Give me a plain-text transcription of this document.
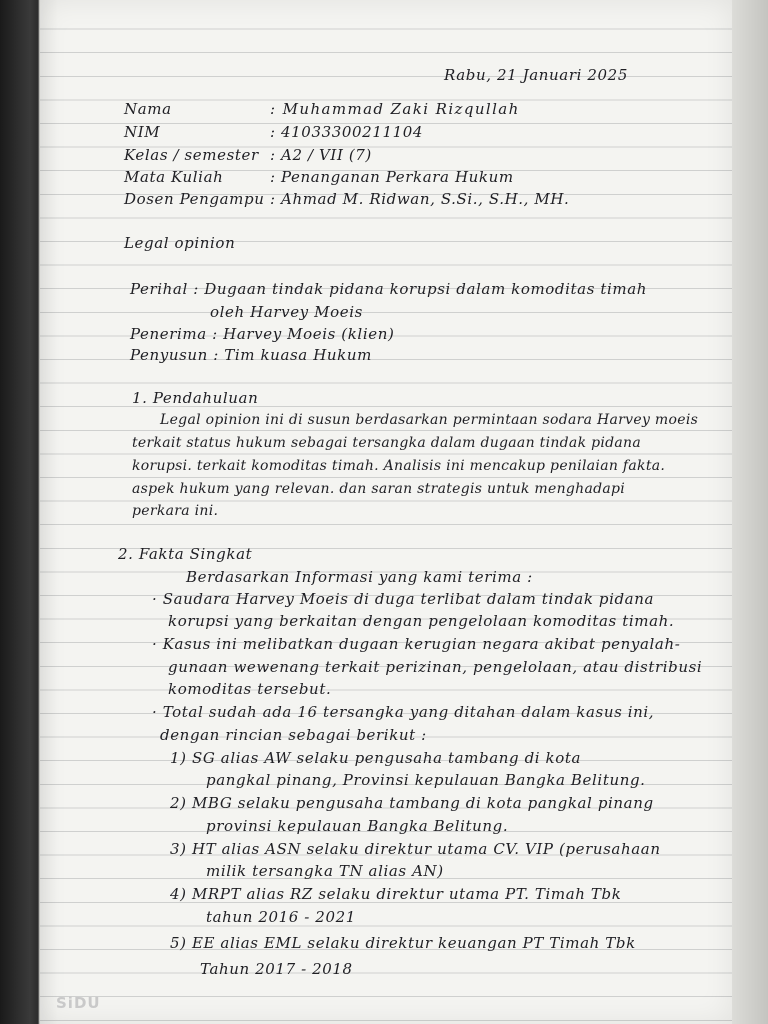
Rabu, 21 Januari 2025
Nama	: Muhammad Zaki Rizqullah
NIM	: 41033300211104
Kelas / semester : A2 / VII (7)
Mata Kuliah	: Penanganan Perkara Hukum
Dosen Pengampu : Ahmad M. Ridwan, S.Si., S.H., MH.
Legal opinion
Perihal : Dugaan tindak pidana korupsi dalam komoditas timah
oleh Harvey Moeis
Penerima : Harvey Moeis (klien)
Penyusun : Tim kuasa Hukum
1. Pendahuluan
Legal opinion ini di susun berdasarkan permintaan sodara Harvey moeis
terkait status hukum sebagai tersangka dalam dugaan tindak pidana
korupsi. terkait komoditas timah. Analisis ini mencakup penilaian fakta.
aspek hukum yang relevan. dan saran strategis untuk menghadapi
perkara ini.
2. Fakta Singkat
Berdasarkan Informasi yang kami terima :
· Saudara Harvey Moeis di duga terlibat dalam tindak pidana
korupsi yang berkaitan dengan pengelolaan komoditas timah.
· Kasus ini melibatkan dugaan kerugian negara akibat penyalah-
gunaan wewenang terkait perizinan, pengelolaan, atau distribusi
komoditas tersebut.
· Total sudah ada 16 tersangka yang ditahan dalam kasus ini,
dengan rincian sebagai berikut :
1) SG alias AW selaku pengusaha tambang di kota
pangkal pinang, Provinsi kepulauan Bangka Belitung.
2) MBG selaku pengusaha tambang di kota pangkal pinang
provinsi kepulauan Bangka Belitung.
3) HT alias ASN selaku direktur utama CV. VIP (perusahaan
milik tersangka TN alias AN)
4) MRPT alias RZ selaku direktur utama PT. Timah Tbk
tahun 2016 - 2021
5) EE alias EML selaku direktur keuangan PT Timah Tbk
Tahun 2017 - 2018
SiDU
